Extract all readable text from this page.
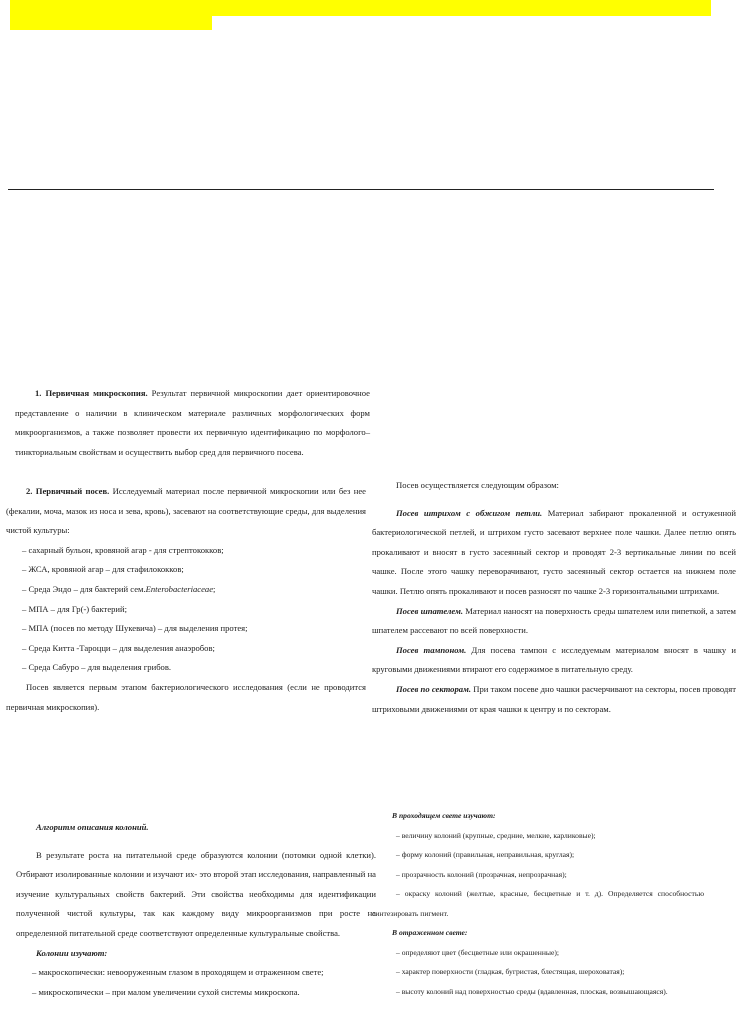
1. Первичная микроскопия. Результат первичной микроскопии дает ориентировочное представление о наличии в клиническом материале различных морфологических форм микроорганизмов, а также позволяет провести их первичную идентификацию по морфолого–тинкториальным свойствам и осуществить выбор сред для первичного посева.

2. Первичный посев. Исследуемый материал после первичной микроскопии или без нее (фекалии, моча, мазок из носа и зева, кровь), засевают на соответствующие среды, для выделения чистой культуры:

– сахарный бульон, кровяной агар - для стрептококков;

– ЖСА, кровяной агар – для стафилококков;

– Среда Эндо – для бактерий сем.Enterobacteriaceae;

– МПА – для Гр(-) бактерий;

– МПА (посев по методу Шукевича) – для выделения протея;

– Среда Китта -Тароцци – для выделения анаэробов;

– Среда Сабуро – для выделения грибов.

Посев является первым этапом бактериологического исследования (если не проводится первичная микроскопия).

Посев осуществляется следующим образом:

Посев штрихом с обжигом петли. Материал забирают прокаленной и остуженной бактериологической петлей, и штрихом густо засевают верхнее поле чашки. Далее петлю опять прокаливают и вносят в густо засеянный сектор и проводят 2-3 вертикальные линии по всей чашке. После этого чашку переворачивают, густо засеянный сектор остается на нижнем поле чашки. Петлю опять прокаливают и посев разносят по чашке 2-3 горизонтальными штрихами.

Посев шпателем. Материал наносят на поверхность среды шпателем или пипеткой, а затем шпателем рассевают по всей поверхности.

Посев тампоном. Для посева тампон с исследуемым материалом вносят в чашку и круговыми движениями втирают его содержимое в питательную среду.

Посев по секторам. При таком посеве дно чашки расчерчивают на секторы, посев проводят штриховыми движениями от края чашки к центру и по секторам.

Алгоритм описания колоний.

В результате роста на питательной среде образуются колонии (потомки одной клетки). Отбирают изолированные колонии и изучают их- это второй этап исследования, направленный на изучение культуральных свойств бактерий. Эти свойства необходимы для идентификации полученной чистой культуры, так как каждому виду микроорганизмов при росте на определенной питательной среде соответствуют определенные культуральные свойства.

Колонии изучают:

– макроскопически: невооруженным глазом в проходящем и отраженном свете;

– микроскопически – при малом увеличении сухой системы микроскопа.

В проходящем свете изучают:

– величину колоний (крупные, средние, мелкие, карликовые);

– форму колоний (правильная, неправильная, круглая);

– прозрачность колоний (прозрачная, непрозрачная);

– окраску колоний (желтые, красные, бесцветные и т. д). Определяется способностью синтезировать пигмент.

В отраженном свете:

– определяют цвет (бесцветные или окрашенные);

– характер поверхности (гладкая, бугристая, блестящая, шероховатая);

– высоту колоний над поверхностью среды (вдавленная, плоская, возвышающаяся).
